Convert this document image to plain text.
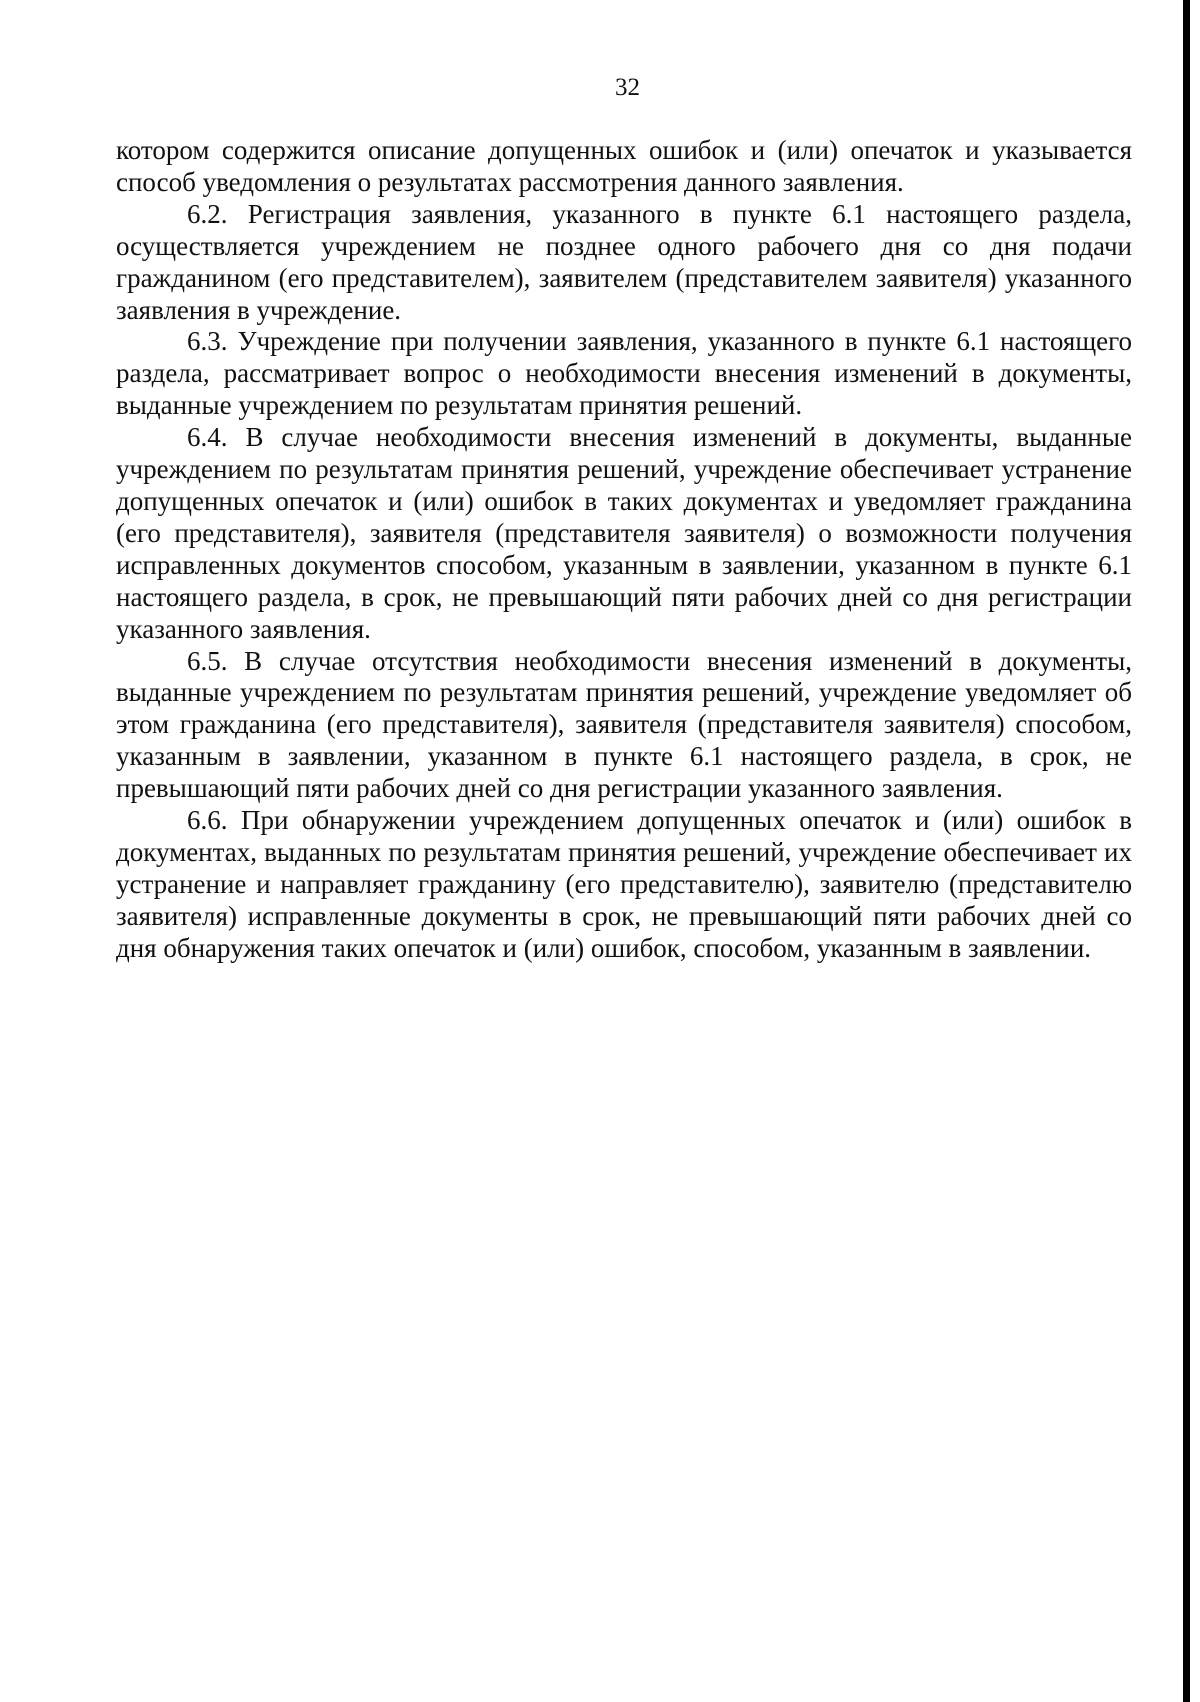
32

котором содержится описание допущенных ошибок и (или) опечаток и указывается способ уведомления о результатах рассмотрения данного заявления.

6.2. Регистрация заявления, указанного в пункте 6.1 настоящего раздела, осуществляется учреждением не позднее одного рабочего дня со дня подачи гражданином (его представителем), заявителем (представителем заявителя) указанного заявления в учреждение.

6.3. Учреждение при получении заявления, указанного в пункте 6.1 настоящего раздела, рассматривает вопрос о необходимости внесения изменений в документы, выданные учреждением по результатам принятия решений.

6.4. В случае необходимости внесения изменений в документы, выданные учреждением по результатам принятия решений, учреждение обеспечивает устранение допущенных опечаток и (или) ошибок в таких документах и уведомляет гражданина (его представителя), заявителя (представителя заявителя) о возможности получения исправленных документов способом, указанным в заявлении, указанном в пункте 6.1 настоящего раздела, в срок, не превышающий пяти рабочих дней со дня регистрации указанного заявления.

6.5. В случае отсутствия необходимости внесения изменений в документы, выданные учреждением по результатам принятия решений, учреждение уведомляет об этом гражданина (его представителя), заявителя (представителя заявителя) способом, указанным в заявлении, указанном в пункте 6.1 настоящего раздела, в срок, не превышающий пяти рабочих дней со дня регистрации указанного заявления.

6.6. При обнаружении учреждением допущенных опечаток и (или) ошибок в документах, выданных по результатам принятия решений, учреждение обеспечивает их устранение и направляет гражданину (его представителю), заявителю (представителю заявителя) исправленные документы в срок, не превышающий пяти рабочих дней со дня обнаружения таких опечаток и (или) ошибок, способом, указанным в заявлении.
